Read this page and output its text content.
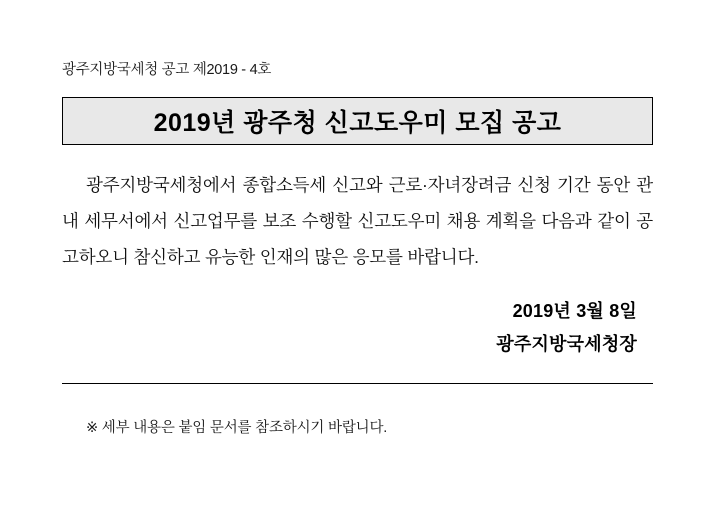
광주지방국세청 공고 제2019 - 4호
2019년 광주청 신고도우미 모집 공고
광주지방국세청에서 종합소득세 신고와 근로·자녀장려금 신청 기간 동안 관내 세무서에서 신고업무를 보조 수행할 신고도우미 채용 계획을 다음과 같이 공고하오니 참신하고 유능한 인재의 많은 응모를 바랍니다.
2019년 3월 8일
광주지방국세청장
※ 세부 내용은 붙임 문서를 참조하시기 바랍니다.
